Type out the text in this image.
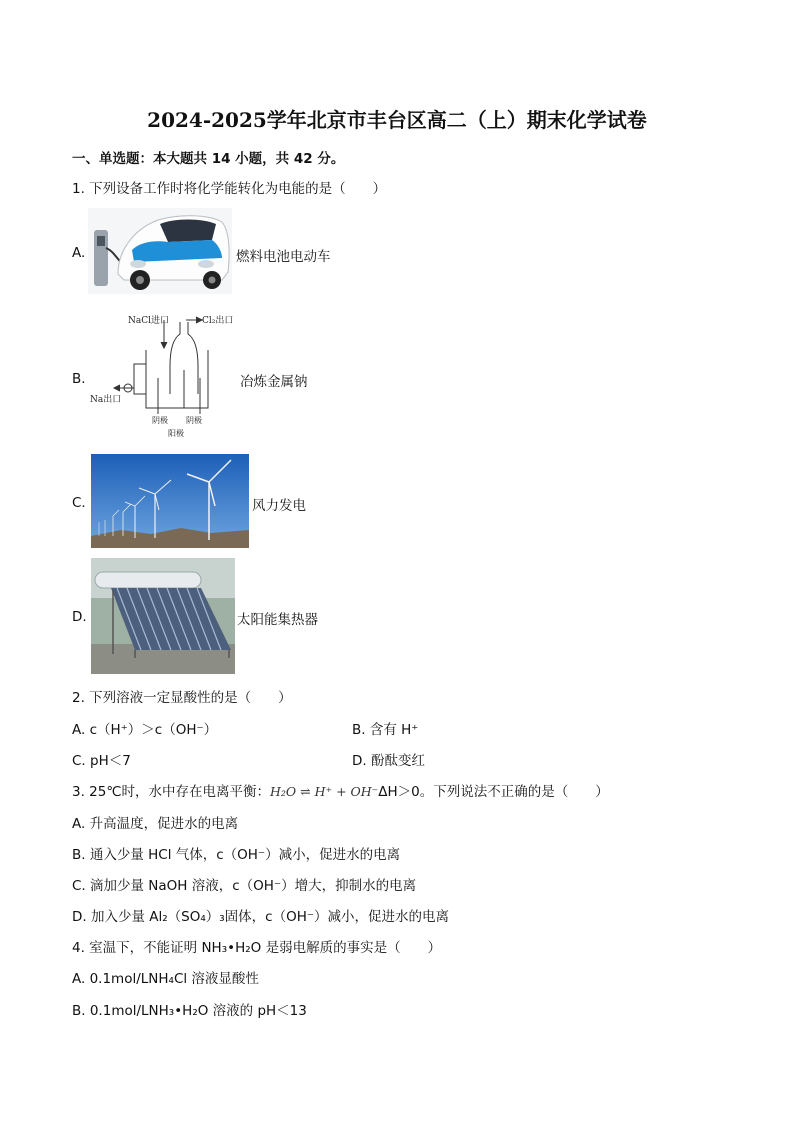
2024-2025学年北京市丰台区高二（上）期末化学试卷
一、单选题：本大题共 14 小题，共 42 分。
1. 下列设备工作时将化学能转化为电能的是（　　）
A.	燃料电池电动车
B.
NaCl进口	Cl₂出口
Na出口
阴极 阴极
阳极
冶炼金属钠
C.	风力发电
D.	太阳能集热器
2. 下列溶液一定显酸性的是（　　）
A. c（H⁺）＞c（OH⁻）	B. 含有 H⁺
C. pH＜7	D. 酚酞变红
3. 25℃时，水中存在电离平衡：H₂O ⇌ H⁺ + OH⁻ΔH＞0。下列说法不正确的是（　　）
A. 升高温度，促进水的电离
B. 通入少量 HCl 气体，c（OH⁻）减小，促进水的电离
C. 滴加少量 NaOH 溶液，c（OH⁻）增大，抑制水的电离
D. 加入少量 Al₂（SO₄）₃固体，c（OH⁻）减小，促进水的电离
4. 室温下，不能证明 NH₃•H₂O 是弱电解质的事实是（　　）
A. 0.1mol/LNH₄Cl 溶液显酸性
B. 0.1mol/LNH₃•H₂O 溶液的 pH＜13
